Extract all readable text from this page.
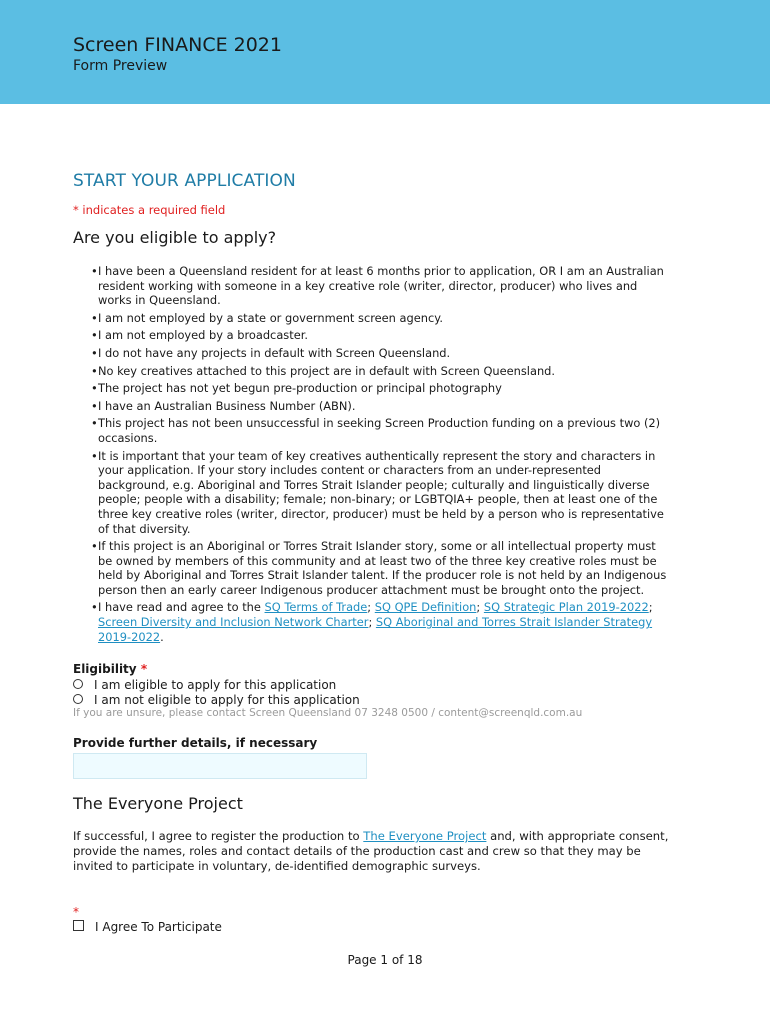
Screen FINANCE 2021
Form Preview
START YOUR APPLICATION
* indicates a required field
Are you eligible to apply?
•
I have been a Queensland resident for at least 6 months prior to application, OR I am an Australian resident working with someone in a key creative role (writer, director, producer) who lives and works in Queensland.
•
I am not employed by a state or government screen agency.
•
I am not employed by a broadcaster.
•
I do not have any projects in default with Screen Queensland.
•
No key creatives attached to this project are in default with Screen Queensland.
•
The project has not yet begun pre-production or principal photography
•
I have an Australian Business Number (ABN).
•
This project has not been unsuccessful in seeking Screen Production funding on a previous two (2) occasions.
•
It is important that your team of key creatives authentically represent the story and characters in your application. If your story includes content or characters from an under-represented background, e.g. Aboriginal and Torres Strait Islander people; culturally and linguistically diverse people; people with a disability; female; non-binary; or LGBTQIA+ people, then at least one of the three key creative roles (writer, director, producer) must be held by a person who is representative of that diversity.
•
If this project is an Aboriginal or Torres Strait Islander story, some or all intellectual property must be owned by members of this community and at least two of the three key creative roles must be held by Aboriginal and Torres Strait Islander talent. If the producer role is not held by an Indigenous person then an early career Indigenous producer attachment must be brought onto the project.
•
I have read and agree to the SQ Terms of Trade; SQ QPE Definition; SQ Strategic Plan 2019-2022; Screen Diversity and Inclusion Network Charter; SQ Aboriginal and Torres Strait Islander Strategy 2019-2022.
Eligibility *
I am eligible to apply for this application
I am not eligible to apply for this application
If you are unsure, please contact Screen Queensland 07 3248 0500 / content@screenqld.com.au
Provide further details, if necessary
The Everyone Project
If successful, I agree to register the production to The Everyone Project and, with appropriate consent, provide the names, roles and contact details of the production cast and crew so that they may be invited to participate in voluntary, de-identified demographic surveys.
*
I Agree To Participate
Page 1 of 18
